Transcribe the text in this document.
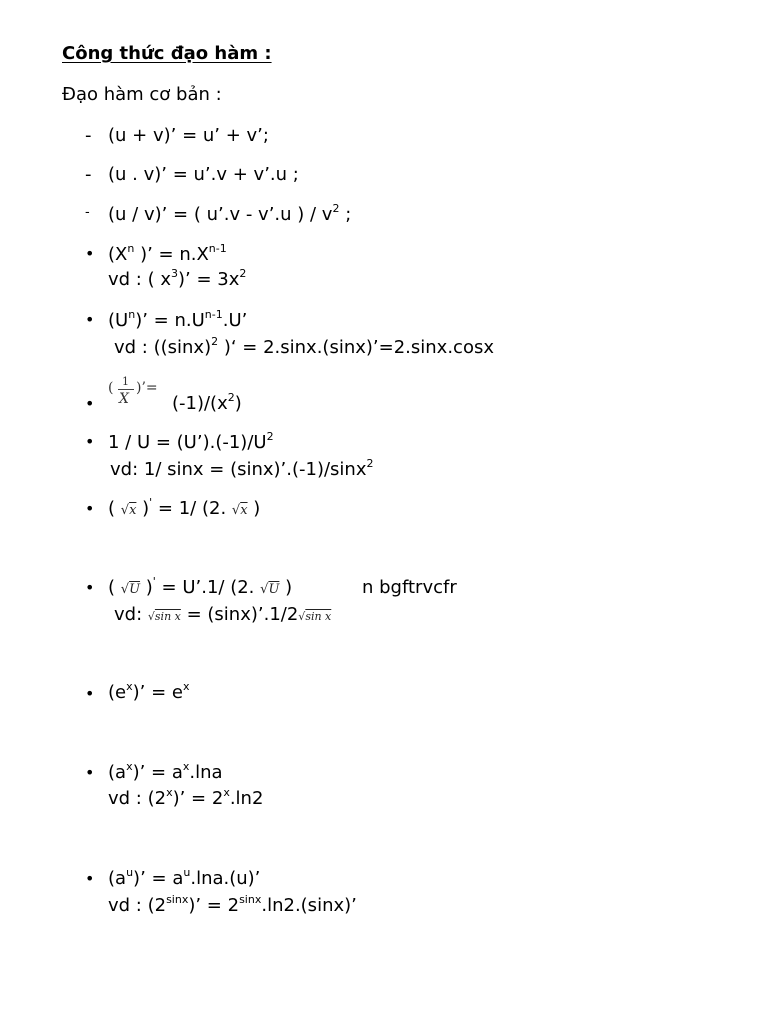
Công thức đạo hàm :
Đạo hàm cơ bản :
- (u + v)’ = u’ + v’;
- (u . v)’ = u’.v + v’.u ;
- (u / v)’ = ( u’.v - v’.u ) / $v^2$ ;
• ($X^n$ )’ = $n.X^{n-1}$
vd : ( $x^3$)’ = $3x^2$
• $(U^n)$’ = $n.U^{n-1}.U$’
vd : ($(\sin x)^2$ )‘ = 2.sinx.(sinx)’=2.sinx.cosx
•
( 1
X
)’=
$(-1)/(x^2)$
• $1 / U = (U’).(-1)/U^2$
vd: 1/ sinx = (sinx)’.(-1)/sinx$^2$
• ( √x )' = 1/ (2. √x )
• ( √U )' = U’.1/ (2. √U )	n bgftrvcfr
vd: √sin x = (sinx)’.1/2√sin x
• $(e^x)$’ = $e^x$
• $(a^x)$’ = $a^x.\ln a$
vd : $(2^x)$’ = $2^x.\ln 2$
• $(a^u)$’ = $a^u.\ln a.(u)$’
vd : $(2^{sinx})$’ = $2^{sinx}.\ln 2.(\sin x)$’
